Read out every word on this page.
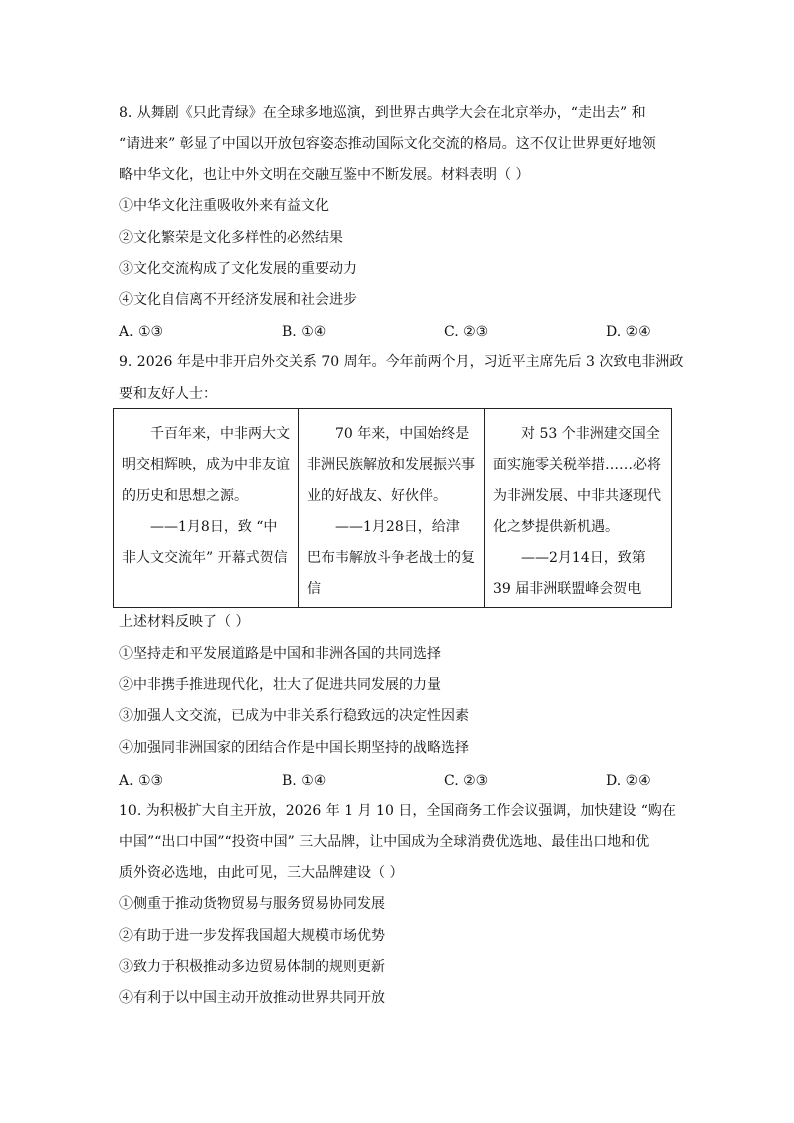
8. 从舞剧《只此青绿》在全球多地巡演，到世界古典学大会在北京举办，“走出去” 和
“请进来” 彰显了中国以开放包容姿态推动国际文化交流的格局。这不仅让世界更好地领
略中华文化，也让中外文明在交融互鉴中不断发展。材料表明（ ）
①中华文化注重吸收外来有益文化
②文化繁荣是文化多样性的必然结果
③文化交流构成了文化发展的重要动力
④文化自信离不开经济发展和社会进步
A. ①③	B. ①④	C. ②③	D. ②④
9. 2026 年是中非开启外交关系 70 周年。今年前两个月，习近平主席先后 3 次致电非洲政
要和友好人士：

千百年来，中非两大文
明交相辉映，成为中非友谊
的历史和思想之源。

——1月8日，致 “中
非人文交流年” 开幕式贺信

70 年来，中国始终是
非洲民族解放和发展振兴事
业的好战友、好伙伴。

——1月28日，给津
巴布韦解放斗争老战士的复
信

对 53 个非洲建交国全
面实施零关税举措……必将
为非洲发展、中非共逐现代
化之梦提供新机遇。

——2月14日，致第
39 届非洲联盟峰会贺电

上述材料反映了（ ）
①坚持走和平发展道路是中国和非洲各国的共同选择
②中非携手推进现代化，壮大了促进共同发展的力量
③加强人文交流，已成为中非关系行稳致远的决定性因素
④加强同非洲国家的团结合作是中国长期坚持的战略选择
A. ①③	B. ①④	C. ②③	D. ②④
10. 为积极扩大自主开放，2026 年 1 月 10 日，全国商务工作会议强调，加快建设 “购在
中国”“出口中国”“投资中国” 三大品牌，让中国成为全球消费优选地、最佳出口地和优
质外资必选地，由此可见，三大品牌建设（ ）
①侧重于推动货物贸易与服务贸易协同发展
②有助于进一步发挥我国超大规模市场优势
③致力于积极推动多边贸易体制的规则更新
④有利于以中国主动开放推动世界共同开放
